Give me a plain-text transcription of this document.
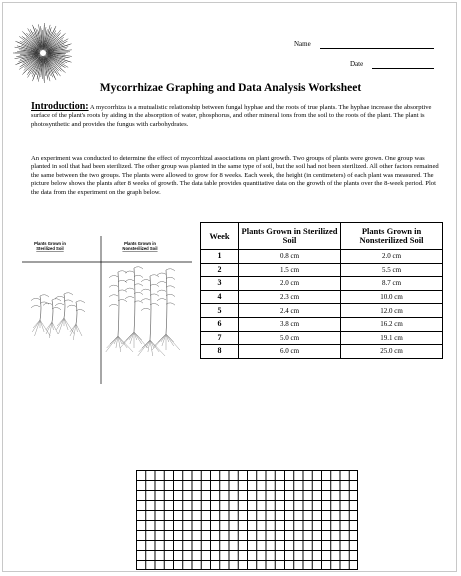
Name
Date
Mycorrhizae Graphing and Data Analysis Worksheet

Introduction: A mycorrhiza is a mutualistic relationship between fungal hyphae and the roots of true plants. The hyphae increase the absorptive surface of the plant's roots by aiding in the absorption of water, phosphorus, and other mineral ions from the soil to the roots of the plant. The plant is photosynthetic and provides the fungus with carbohydrates.

An experiment was conducted to determine the effect of mycorrhizal associations on plant growth. Two groups of plants were grown. One group was planted in soil that had been sterilized. The other group was planted in the same type of soil, but the soil had not been sterilized. All other factors remained the same between the two groups. The plants were allowed to grow for 8 weeks. Each week, the height (in centimeters) of each plant was measured. The picture below shows the plants after 8 weeks of growth. The data table provides quantitative data on the growth of the plants over the 8-week period. Plot the data from the experiment on the graph below.

Plants Grown in Sterilized Soil
Plants Grown in Nonsterilized Soil
Week	Plants Grown in Sterilized Soil	Plants Grown in Nonsterilized Soil
1	0.8 cm	2.0 cm
2	1.5 cm	5.5 cm
3	2.0 cm	8.7 cm
4	2.3 cm	10.0 cm
5	2.4 cm	12.0 cm
6	3.8 cm	16.2 cm
7	5.0 cm	19.1 cm
8	6.0 cm	25.0 cm
